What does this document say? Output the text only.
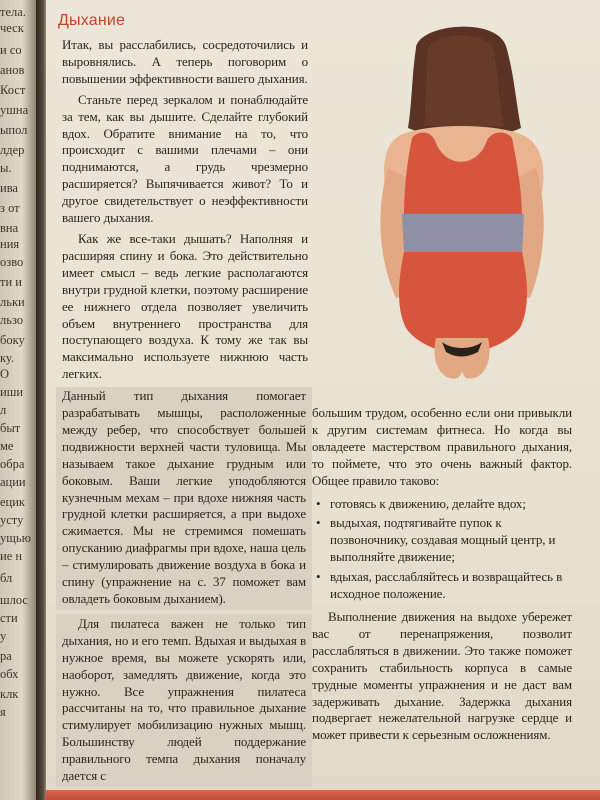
тела.
ческ
и со
анов
Кост
ушна
ыпол
лдер
ы.
ива
з от
вна
ния
озво
ти и
льки
льзо
боку
ку.
О
иши
л
быт
ме
обра
ации
ецик
усту
ущью
ие н
бл
шлос
сти
у
ра
обх
клк
я
Дыхание

Итак, вы расслабились, сосредоточились и выровнялись. А теперь поговорим о повышении эффективности вашего дыхания.

Станьте перед зеркалом и понаблюдайте за тем, как вы дышите. Сделайте глубокий вдох. Обратите внимание на то, что происходит с вашими плечами – они поднимаются, а грудь чрезмерно расширяется? Выпячивается живот? То и другое свидетельствует о неэффективности вашего дыхания.

Как же все-таки дышать? Наполняя и расширяя спину и бока. Это действительно имеет смысл – ведь легкие располагаются внутри грудной клетки, поэтому расширение ее нижнего отдела позволяет увеличить объем внутреннего пространства для поступающего воздуха. К тому же так вы максимально используете нижнюю часть легких.

Данный тип дыхания помогает разрабатывать мышцы, расположенные между ребер, что способствует большей подвижности верхней части туловища. Мы называем такое дыхание грудным или боковым. Ваши легкие уподобляются кузнечным мехам – при вдохе нижняя часть грудной клетки расширяется, а при выдохе сжимается. Мы не стремимся помешать опусканию диафрагмы при вдохе, наша цель – стимулировать движение воздуха в бока и спину (упражнение на с. 37 поможет вам овладеть боковым дыханием).

Для пилатеса важен не только тип дыхания, но и его темп. Вдыхая и выдыхая в нужное время, вы можете ускорять или, наоборот, замедлять движение, когда это нужно. Все упражнения пилатеса рассчитаны на то, что правильное дыхание стимулирует мобилизацию нужных мышц. Большинству людей поддержание правильного темпа дыхания поначалу дается с

большим трудом, особенно если они привыкли к другим системам фитнеса. Но когда вы овладеете мастерством правильного дыхания, то поймете, что это очень важный фактор. Общее правило таково:

• готовясь к движению, делайте вдох;
• выдыхая, подтягивайте пупок к позвоночнику, создавая мощный центр, и выполняйте движение;
• вдыхая, расслабляйтесь и возвращайтесь в исходное положение.

Выполнение движения на выдохе убережет вас от перенапряжения, позволит расслабляться в движении. Это также поможет сохранить стабильность корпуса в самые трудные моменты упражнения и не даст вам задерживать дыхание. Задержка дыхания подвергает нежелательной нагрузке сердце и может привести к серьезным осложнениям.
